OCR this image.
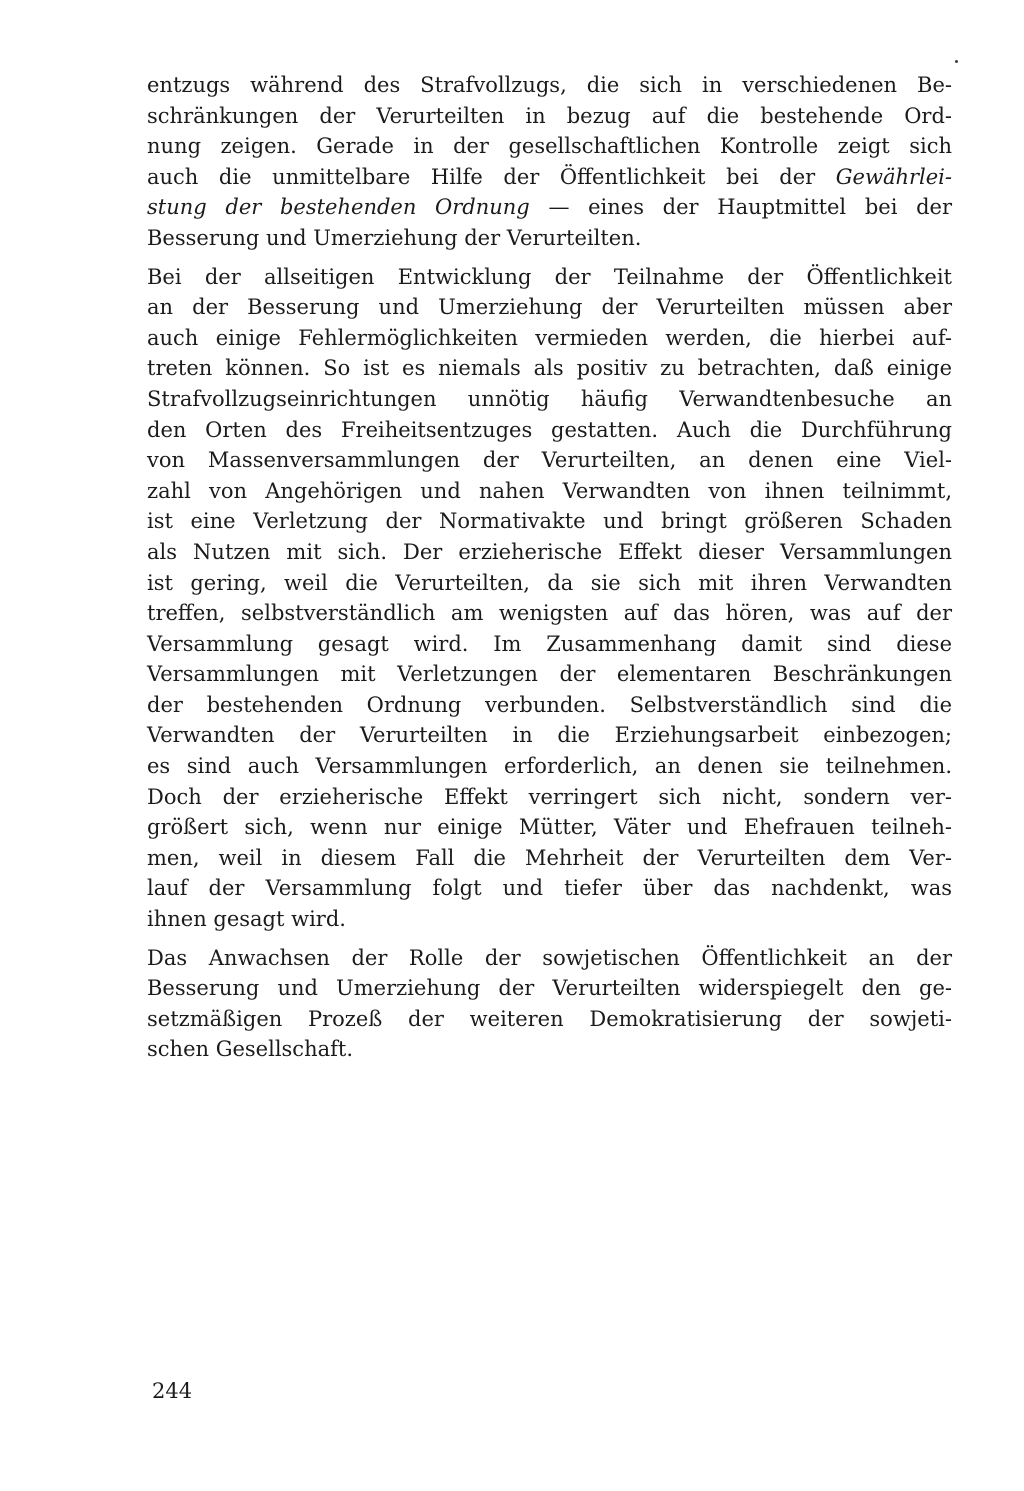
entzugs während des Strafvollzugs, die sich in verschiedenen Be-
schränkungen der Verurteilten in bezug auf die bestehende Ord-
nung zeigen. Gerade in der gesellschaftlichen Kontrolle zeigt sich
auch die unmittelbare Hilfe der Öffentlichkeit bei der Gewährlei-
stung der bestehenden Ordnung — eines der Hauptmittel bei der
Besserung und Umerziehung der Verurteilten.

Bei der allseitigen Entwicklung der Teilnahme der Öffentlichkeit
an der Besserung und Umerziehung der Verurteilten müssen aber
auch einige Fehlermöglichkeiten vermieden werden, die hierbei auf-
treten können. So ist es niemals als positiv zu betrachten, daß einige
Strafvollzugseinrichtungen unnötig häufig Verwandtenbesuche an
den Orten des Freiheitsentzuges gestatten. Auch die Durchführung
von Massenversammlungen der Verurteilten, an denen eine Viel-
zahl von Angehörigen und nahen Verwandten von ihnen teilnimmt,
ist eine Verletzung der Normativakte und bringt größeren Schaden
als Nutzen mit sich. Der erzieherische Effekt dieser Versammlungen
ist gering, weil die Verurteilten, da sie sich mit ihren Verwandten
treffen, selbstverständlich am wenigsten auf das hören, was auf der
Versammlung gesagt wird. Im Zusammenhang damit sind diese
Versammlungen mit Verletzungen der elementaren Beschränkungen
der bestehenden Ordnung verbunden. Selbstverständlich sind die
Verwandten der Verurteilten in die Erziehungsarbeit einbezogen;
es sind auch Versammlungen erforderlich, an denen sie teilnehmen.
Doch der erzieherische Effekt verringert sich nicht, sondern ver-
größert sich, wenn nur einige Mütter, Väter und Ehefrauen teilneh-
men, weil in diesem Fall die Mehrheit der Verurteilten dem Ver-
lauf der Versammlung folgt und tiefer über das nachdenkt, was
ihnen gesagt wird.

Das Anwachsen der Rolle der sowjetischen Öffentlichkeit an der
Besserung und Umerziehung der Verurteilten widerspiegelt den ge-
setzmäßigen Prozeß der weiteren Demokratisierung der sowjeti-
schen Gesellschaft.

244
